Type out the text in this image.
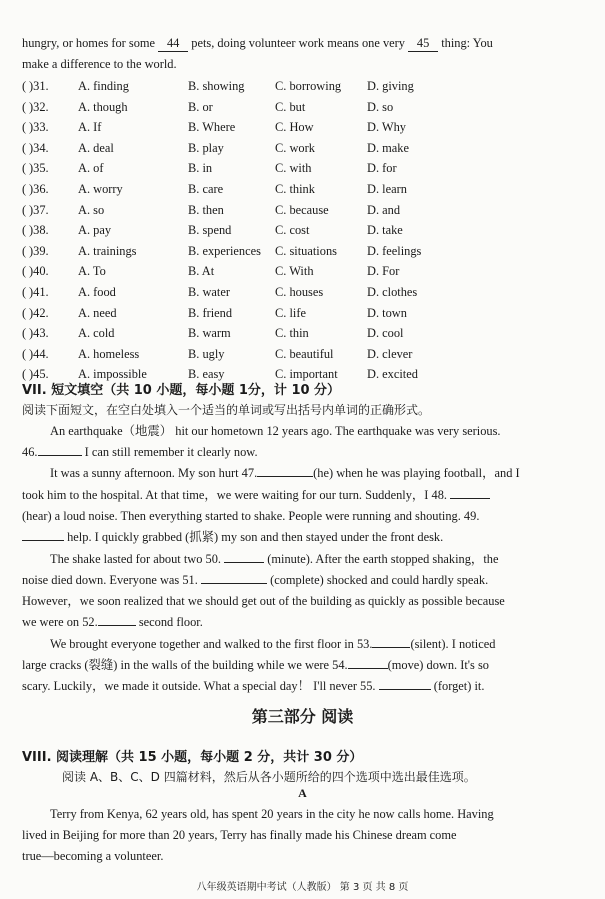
hungry, or homes for some 44 pets, doing volunteer work means one very 45 thing: You
make a difference to the world.
( )31. A. finding	B. showing C. borrowing D. giving
( )32. A. though	B. or	C. but	D. so
( )33. A. If	B. Where	C. How	D. Why
( )34. A. deal	B. play	C. work	D. make
( )35. A. of	B. in	C. with	D. for
( )36. A. worry	B. care	C. think	D. learn
( )37. A. so	B. then	C. because	D. and
( )38. A. pay	B. spend	C. cost	D. take
( )39. A. trainings	B. experiences C. situations D. feelings
( )40. A. To	B. At	C. With	D. For
( )41. A. food	B. water	C. houses	D. clothes
( )42. A. need	B. friend	C. life	D. town
( )43. A. cold	B. warm	C. thin	D. cool
( )44. A. homeless	B. ugly	C. beautiful	D. clever
( )45. A. impossible	B. easy	C. important D. excited
VII. 短文填空（共 10 小题，每小题 1分，计 10 分）
阅读下面短文，在空白处填入一个适当的单词或写出括号内单词的正确形式。
An earthquake（地震） hit our hometown 12 years ago. The earthquake was very serious.
46.	I can still remember it clearly now.
It was a sunny afternoon. My son hurt 47.	(he) when he was playing football，and I
took him to the hospital. At that time，we were waiting for our turn. Suddenly，I 48.
(hear) a loud noise. Then everything started to shake. People were running and shouting. 49.
help. I quickly grabbed (抓紧) my son and then stayed under the front desk.
The shake lasted for about two 50.	(minute). After the earth stopped shaking，the
noise died down. Everyone was 51.	(complete) shocked and could hardly speak.
However，we soon realized that we should get out of the building as quickly as possible because
we were on 52.	second floor.
We brought everyone together and walked to the first floor in 53.	(silent). I noticed
large cracks (裂缝) in the walls of the building while we were 54.	(move) down. It's so
scary. Luckily，we made it outside. What a special day！ I'll never 55.	(forget) it.
第三部分 阅读
VIII. 阅读理解（共 15 小题，每小题 2 分，共计 30 分）
阅读 A、B、C、D 四篇材料，然后从各小题所给的四个选项中选出最佳选项。
A
Terry from Kenya, 62 years old, has spent 20 years in the city he now calls home. Having
lived in Beijing for more than 20 years, Terry has finally made his Chinese dream come
true—becoming a volunteer.
八年级英语期中考试（人教版） 第 3 页 共 8 页
